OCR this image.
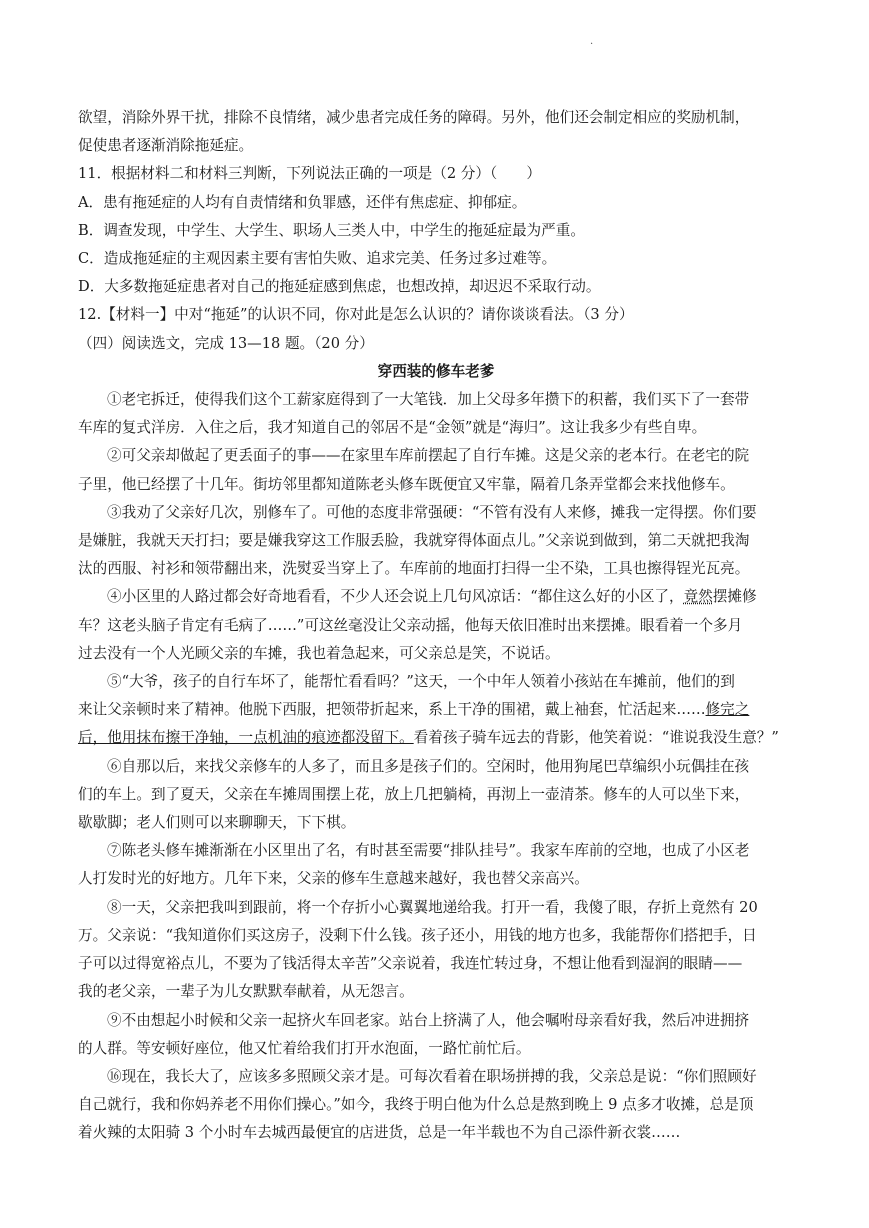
.
欲望，消除外界干扰，排除不良情绪，减少患者完成任务的障碍。另外，他们还会制定相应的奖励机制，
促使患者逐渐消除拖延症。
11．根据材料二和材料三判断，下列说法正确的一项是（2 分）（　　）
A．患有拖延症的人均有自责情绪和负罪感，还伴有焦虑症、抑郁症。
B．调查发现，中学生、大学生、职场人三类人中，中学生的拖延症最为严重。
C．造成拖延症的主观因素主要有害怕失败、追求完美、任务过多过难等。
D．大多数拖延症患者对自己的拖延症感到焦虑，也想改掉，却迟迟不采取行动。
12.【材料一】中对“拖延”的认识不同，你对此是怎么认识的？请你谈谈看法。（3 分）
（四）阅读选文，完成 13—18 题。（20 分）
穿西装的修车老爹
①老宅拆迁，使得我们这个工薪家庭得到了一大笔钱．加上父母多年攒下的积蓄，我们买下了一套带
车库的复式洋房．入住之后，我才知道自己的邻居不是“金领”就是“海归”。这让我多少有些自卑。
②可父亲却做起了更丢面子的事——在家里车库前摆起了自行车摊。这是父亲的老本行。在老宅的院
子里，他已经摆了十几年。街坊邻里都知道陈老头修车既便宜又牢靠，隔着几条弄堂都会来找他修车。
③我劝了父亲好几次，别修车了。可他的态度非常强硬：“不管有没有人来修，摊我一定得摆。你们要
是嫌脏，我就天天打扫；要是嫌我穿这工作服丢脸，我就穿得体面点儿。”父亲说到做到，第二天就把我淘
汰的西服、衬衫和领带翻出来，洗熨妥当穿上了。车库前的地面打扫得一尘不染，工具也擦得锃光瓦亮。
④小区里的人路过都会好奇地看看，不少人还会说上几句风凉话：“都住这么好的小区了，竟然摆摊修
车？这老头脑子肯定有毛病了……”可这丝毫没让父亲动摇，他每天依旧准时出来摆摊。眼看着一个多月
过去没有一个人光顾父亲的车摊，我也着急起来，可父亲总是笑，不说话。
⑤“大爷，孩子的自行车坏了，能帮忙看看吗？”这天，一个中年人领着小孩站在车摊前，他们的到
来让父亲顿时来了精神。他脱下西服，把领带折起来，系上干净的围裙，戴上袖套，忙活起来……修完之
后，他用抹布擦干净轴，一点机油的痕迹都没留下。看着孩子骑车远去的背影，他笑着说：“谁说我没生意？”
⑥自那以后，来找父亲修车的人多了，而且多是孩子们的。空闲时，他用狗尾巴草编织小玩偶挂在孩
们的车上。到了夏天，父亲在车摊周围摆上花，放上几把躺椅，再沏上一壶清茶。修车的人可以坐下来，
歇歇脚；老人们则可以来聊聊天，下下棋。
⑦陈老头修车摊渐渐在小区里出了名，有时甚至需要“排队挂号”。我家车库前的空地，也成了小区老
人打发时光的好地方。几年下来，父亲的修车生意越来越好，我也替父亲高兴。
⑧一天，父亲把我叫到跟前，将一个存折小心翼翼地递给我。打开一看，我傻了眼，存折上竟然有 20
万。父亲说：“我知道你们买这房子，没剩下什么钱。孩子还小，用钱的地方也多，我能帮你们搭把手，日
子可以过得宽裕点儿，不要为了钱活得太辛苦”父亲说着，我连忙转过身，不想让他看到湿润的眼睛——
我的老父亲，一辈子为儿女默默奉献着，从无怨言。
⑨不由想起小时候和父亲一起挤火车回老家。站台上挤满了人，他会嘱咐母亲看好我，然后冲进拥挤
的人群。等安顿好座位，他又忙着给我们打开水泡面，一路忙前忙后。
⑯现在，我长大了，应该多多照顾父亲才是。可每次看着在职场拼搏的我，父亲总是说：“你们照顾好
自己就行，我和你妈养老不用你们操心。”如今，我终于明白他为什么总是熬到晚上 9 点多才收摊，总是顶
着火辣的太阳骑 3 个小时车去城西最便宜的店进货，总是一年半载也不为自己添件新衣裳……
